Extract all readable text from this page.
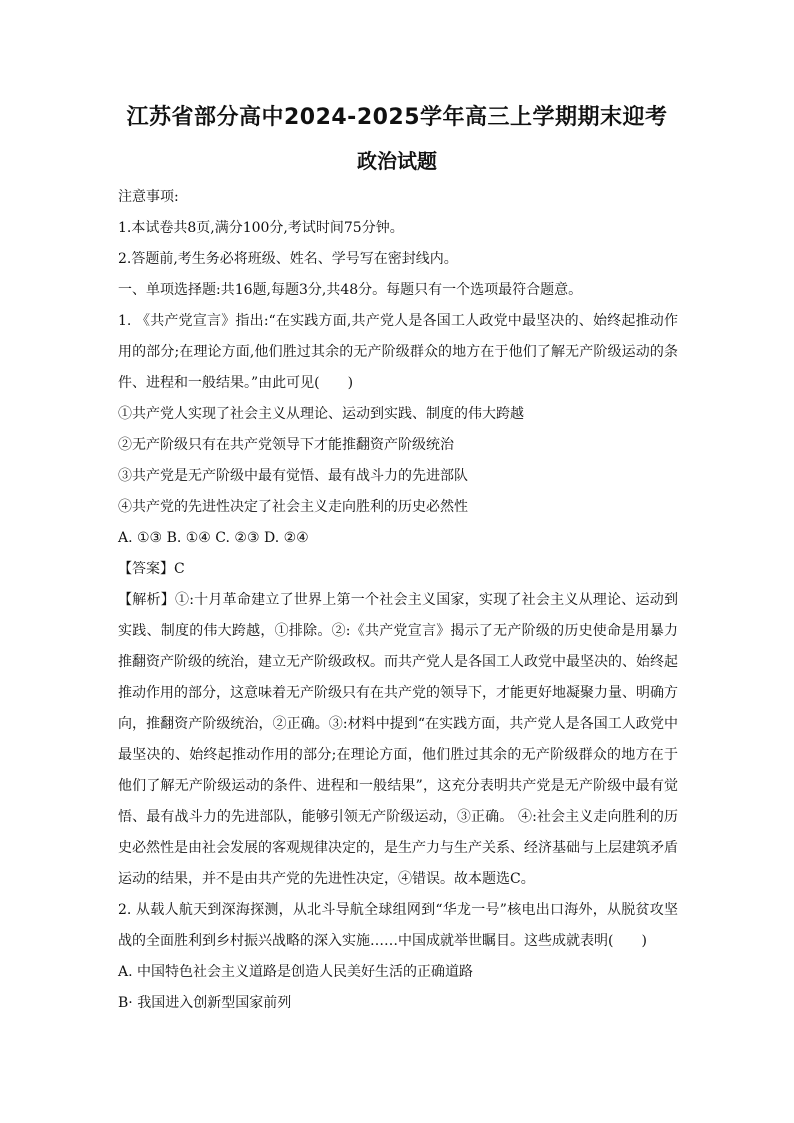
江苏省部分高中2024-2025学年高三上学期期末迎考
政治试题

注意事项:

1.本试卷共8页,满分100分,考试时间75分钟。

2.答题前,考生务必将班级、姓名、学号写在密封线内。

一、单项选择题:共16题,每题3分,共48分。每题只有一个选项最符合题意。

1. 《共产党宣言》指出:“在实践方面,共产党人是各国工人政党中最坚决的、始终起推动作用的部分;在理论方面,他们胜过其余的无产阶级群众的地方在于他们了解无产阶级运动的条件、进程和一般结果。”由此可见(　　)

①共产党人实现了社会主义从理论、运动到实践、制度的伟大跨越

②无产阶级只有在共产党领导下才能推翻资产阶级统治

③共产党是无产阶级中最有觉悟、最有战斗力的先进部队

④共产党的先进性决定了社会主义走向胜利的历史必然性

A. ①③ B. ①④ C. ②③ D. ②④

【答案】C

【解析】①:十月革命建立了世界上第一个社会主义国家，实现了社会主义从理论、运动到实践、制度的伟大跨越，①排除。②:《共产党宣言》揭示了无产阶级的历史使命是用暴力推翻资产阶级的统治，建立无产阶级政权。而共产党人是各国工人政党中最坚决的、始终起推动作用的部分，这意味着无产阶级只有在共产党的领导下，才能更好地凝聚力量、明确方向，推翻资产阶级统治，②正确。③:材料中提到“在实践方面，共产党人是各国工人政党中最坚决的、始终起推动作用的部分;在理论方面，他们胜过其余的无产阶级群众的地方在于他们了解无产阶级运动的条件、进程和一般结果”，这充分表明共产党是无产阶级中最有觉悟、最有战斗力的先进部队，能够引领无产阶级运动，③正确。 ④:社会主义走向胜利的历史必然性是由社会发展的客观规律决定的，是生产力与生产关系、经济基础与上层建筑矛盾运动的结果，并不是由共产党的先进性决定，④错误。故本题选C。

2. 从载人航天到深海探测，从北斗导航全球组网到“华龙一号”核电出口海外，从脱贫攻坚战的全面胜利到乡村振兴战略的深入实施……中国成就举世瞩目。这些成就表明(　　)

A. 中国特色社会主义道路是创造人民美好生活的正确道路

B· 我国进入创新型国家前列
